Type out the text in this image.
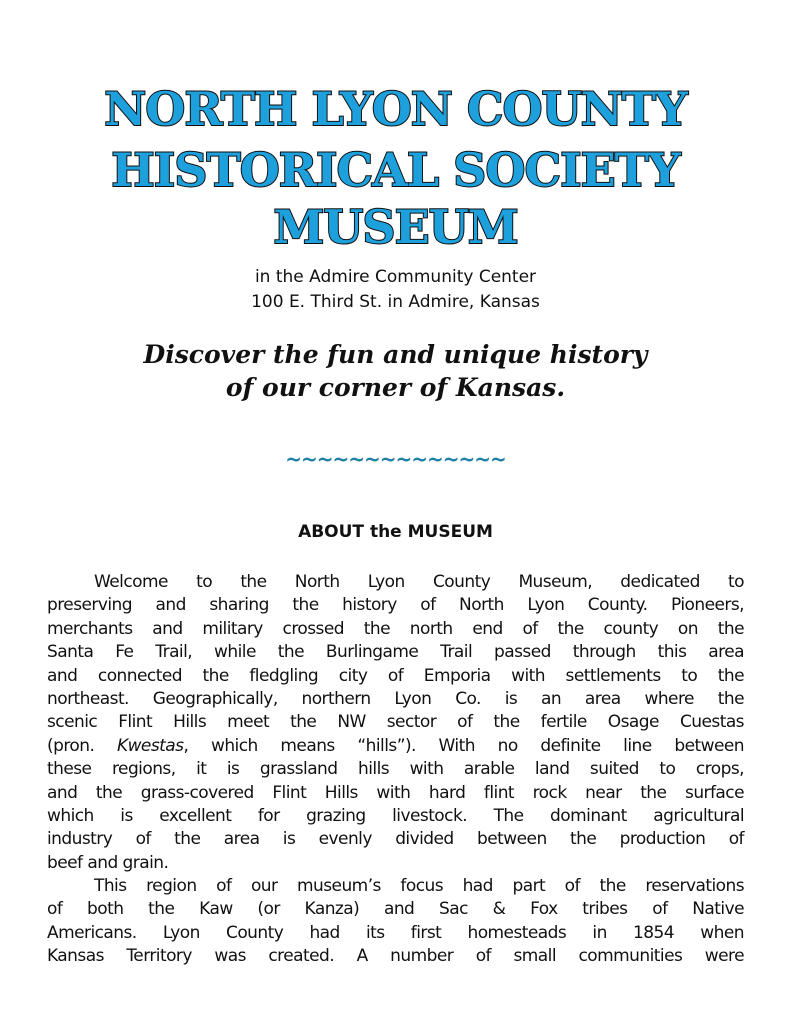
NORTH LYON COUNTY
HISTORICAL SOCIETY
MUSEUM
in the Admire Community Center
100 E. Third St. in Admire, Kansas
Discover the fun and unique history
of our corner of Kansas.
~~~~~~~~~~~~~~
ABOUT the MUSEUM
Welcome to the North Lyon County Museum, dedicated to
preserving and sharing the history of North Lyon County. Pioneers,
merchants and military crossed the north end of the county on the
Santa Fe Trail, while the Burlingame Trail passed through this area
and connected the fledgling city of Emporia with settlements to the
northeast. Geographically, northern Lyon Co. is an area where the
scenic Flint Hills meet the NW sector of the fertile Osage Cuestas
(pron. Kwestas, which means “hills”). With no definite line between
these regions, it is grassland hills with arable land suited to crops,
and the grass-covered Flint Hills with hard flint rock near the surface
which is excellent for grazing livestock. The dominant agricultural
industry of the area is evenly divided between the production of
beef and grain.
This region of our museum’s focus had part of the reservations
of both the Kaw (or Kanza) and Sac & Fox tribes of Native
Americans. Lyon County had its first homesteads in 1854 when
Kansas Territory was created. A number of small communities were
